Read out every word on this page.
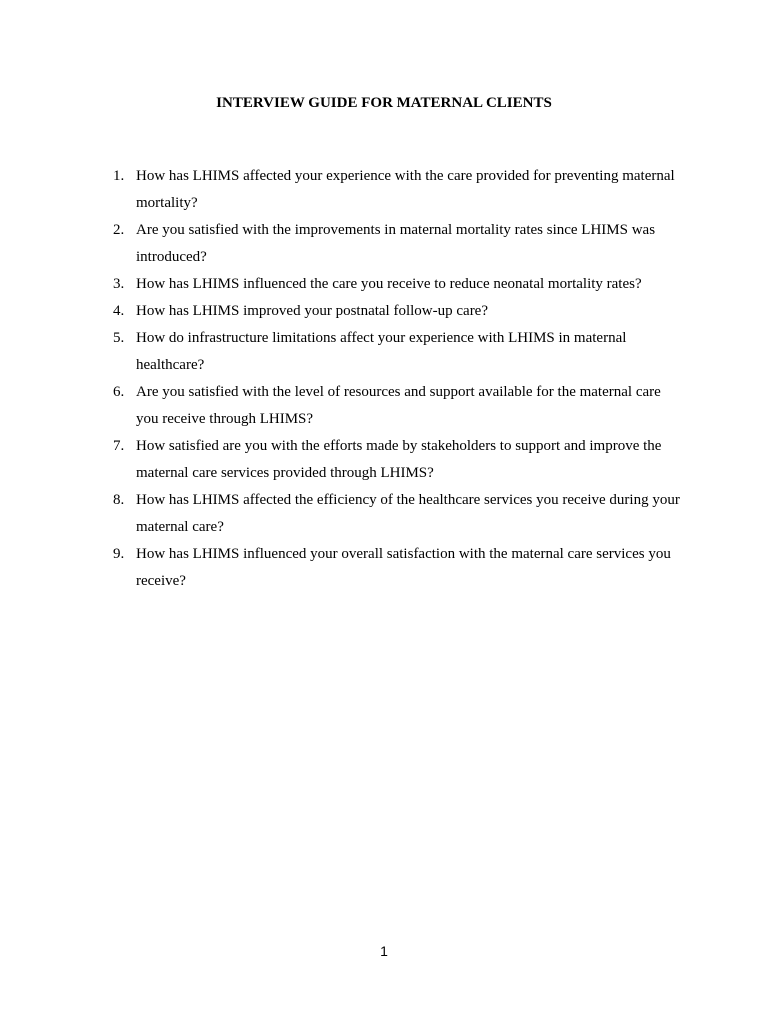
INTERVIEW GUIDE FOR MATERNAL CLIENTS
1. How has LHIMS affected your experience with the care provided for preventing maternal mortality?
2. Are you satisfied with the improvements in maternal mortality rates since LHIMS was introduced?
3. How has LHIMS influenced the care you receive to reduce neonatal mortality rates?
4. How has LHIMS improved your postnatal follow-up care?
5. How do infrastructure limitations affect your experience with LHIMS in maternal healthcare?
6. Are you satisfied with the level of resources and support available for the maternal care you receive through LHIMS?
7. How satisfied are you with the efforts made by stakeholders to support and improve the maternal care services provided through LHIMS?
8. How has LHIMS affected the efficiency of the healthcare services you receive during your maternal care?
9. How has LHIMS influenced your overall satisfaction with the maternal care services you receive?
1
